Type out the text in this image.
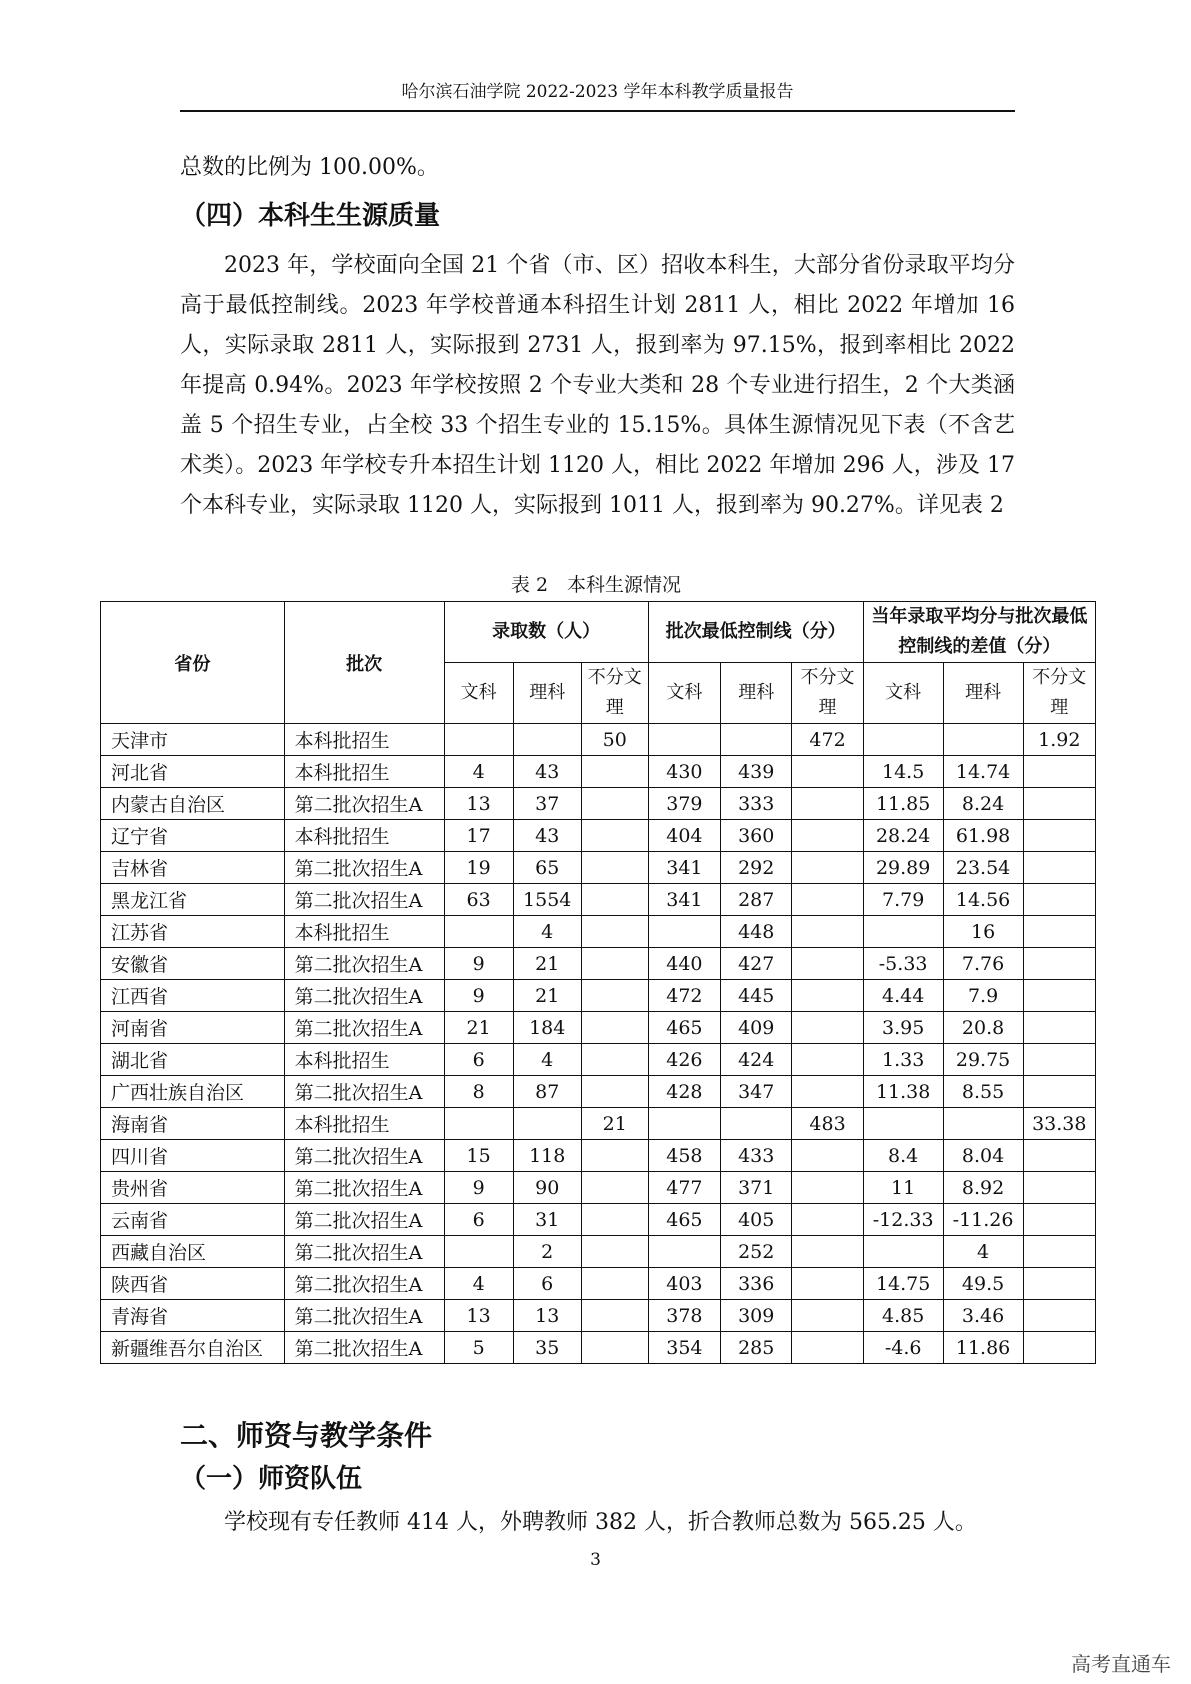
哈尔滨石油学院 2022-2023 学年本科教学质量报告

总数的比例为 100.00%。

（四）本科生生源质量

2023 年，学校面向全国 21 个省（市、区）招收本科生，大部分省份录取平均分高于最低控制线。2023 年学校普通本科招生计划 2811 人，相比 2022 年增加 16 人，实际录取 2811 人，实际报到 2731 人，报到率为 97.15%，报到率相比 2022 年提高 0.94%。2023 年学校按照 2 个专业大类和 28 个专业进行招生，2 个大类涵盖 5 个招生专业，占全校 33 个招生专业的 15.15%。具体生源情况见下表（不含艺术类）。2023 年学校专升本招生计划 1120 人，相比 2022 年增加 296 人，涉及 17 个本科专业，实际录取 1120 人，实际报到 1011 人，报到率为 90.27%。详见表 2

表 2　本科生源情况
省份	批次	录取数（人）			批次最低控制线（分）			当年录取平均分与批次最低控制线的差值（分）		
		文科	理科	不分文理	文科	理科	不分文理	文科	理科	不分文理
天津市	本科批招生			50			472			1.92
河北省	本科批招生	4	43		430	439		14.5	14.74	
内蒙古自治区	第二批次招生A	13	37		379	333		11.85	8.24	
辽宁省	本科批招生	17	43		404	360		28.24	61.98	
吉林省	第二批次招生A	19	65		341	292		29.89	23.54	
黑龙江省	第二批次招生A	63	1554		341	287		7.79	14.56	
江苏省	本科批招生		4			448			16	
安徽省	第二批次招生A	9	21		440	427		-5.33	7.76	
江西省	第二批次招生A	9	21		472	445		4.44	7.9	
河南省	第二批次招生A	21	184		465	409		3.95	20.8	
湖北省	本科批招生	6	4		426	424		1.33	29.75	
广西壮族自治区	第二批次招生A	8	87		428	347		11.38	8.55	
海南省	本科批招生			21			483			33.38
四川省	第二批次招生A	15	118		458	433		8.4	8.04	
贵州省	第二批次招生A	9	90		477	371		11	8.92	
云南省	第二批次招生A	6	31		465	405		-12.33	-11.26	
西藏自治区	第二批次招生A		2			252			4	
陕西省	第二批次招生A	4	6		403	336		14.75	49.5	
青海省	第二批次招生A	13	13		378	309		4.85	3.46	
新疆维吾尔自治区	第二批次招生A	5	35		354	285		-4.6	11.86	
二、师资与教学条件
（一）师资队伍

学校现有专任教师 414 人，外聘教师 382 人，折合教师总数为 565.25 人。

3
高考直通车
